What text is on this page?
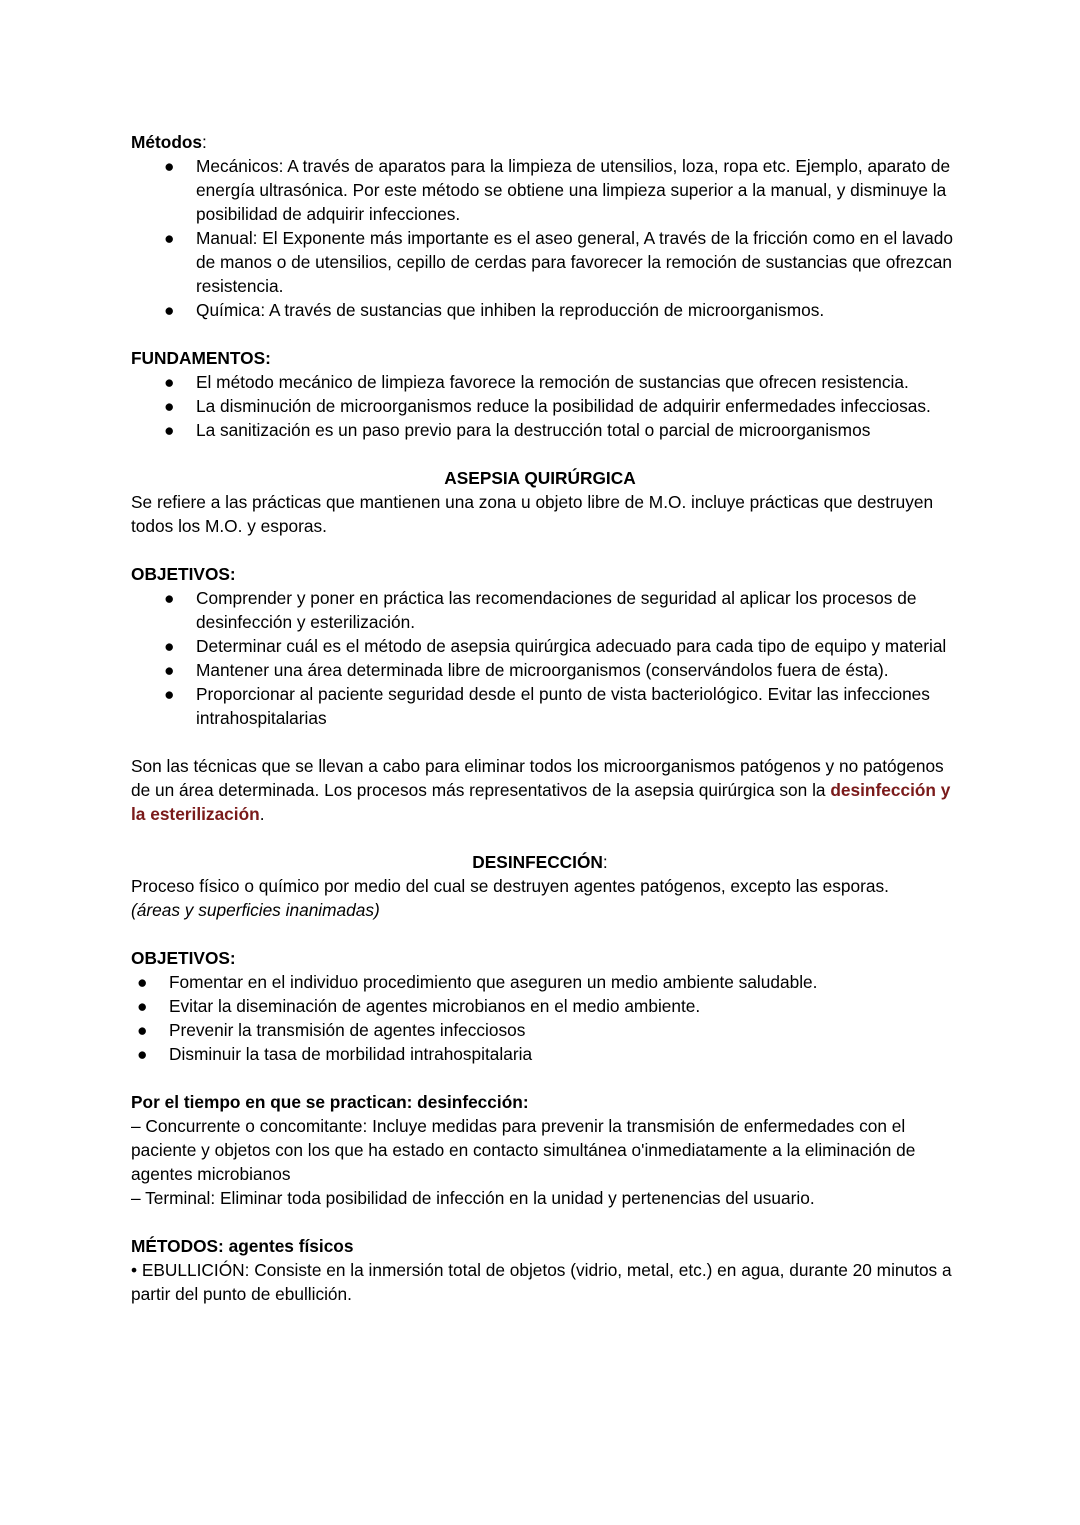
Métodos:
● Mecánicos: A través de aparatos para la limpieza de utensilios, loza, ropa etc. Ejemplo, aparato de energía ultrasónica. Por este método se obtiene una limpieza superior a la manual, y disminuye la posibilidad de adquirir infecciones.
● Manual: El Exponente más importante es el aseo general, A través de la fricción como en el lavado de manos o de utensilios, cepillo de cerdas para favorecer la remoción de sustancias que ofrezcan resistencia.
● Química: A través de sustancias que inhiben la reproducción de microorganismos.
FUNDAMENTOS:
● El método mecánico de limpieza favorece la remoción de sustancias que ofrecen resistencia.
● La disminución de microorganismos reduce la posibilidad de adquirir enfermedades infecciosas.
● La sanitización es un paso previo para la destrucción total o parcial de microorganismos
ASEPSIA QUIRÚRGICA
Se refiere a las prácticas que mantienen una zona u objeto libre de M.O. incluye prácticas que destruyen todos los M.O. y esporas.
OBJETIVOS:
● Comprender y poner en práctica las recomendaciones de seguridad al aplicar los procesos de desinfección y esterilización.
● Determinar cuál es el método de asepsia quirúrgica adecuado para cada tipo de equipo y material
● Mantener una área determinada libre de microorganismos (conservándolos fuera de ésta).
● Proporcionar al paciente seguridad desde el punto de vista bacteriológico. Evitar las infecciones intrahospitalarias
Son las técnicas que se llevan a cabo para eliminar todos los microorganismos patógenos y no patógenos de un área determinada. Los procesos más representativos de la asepsia quirúrgica son la desinfección y la esterilización.
DESINFECCIÓN:
Proceso físico o químico por medio del cual se destruyen agentes patógenos, excepto las esporas.
(áreas y superficies inanimadas)
OBJETIVOS:
● Fomentar en el individuo procedimiento que aseguren un medio ambiente saludable.
● Evitar la diseminación de agentes microbianos en el medio ambiente.
● Prevenir la transmisión de agentes infecciosos
● Disminuir la tasa de morbilidad intrahospitalaria
Por el tiempo en que se practican: desinfección:
– Concurrente o concomitante: Incluye medidas para prevenir la transmisión de enfermedades con el paciente y objetos con los que ha estado en contacto simultánea o'inmediatamente a la eliminación de agentes microbianos
– Terminal: Eliminar toda posibilidad de infección en la unidad y pertenencias del usuario.
MÉTODOS: agentes físicos
• EBULLICIÓN: Consiste en la inmersión total de objetos (vidrio, metal, etc.) en agua, durante 20 minutos a partir del punto de ebullición.
